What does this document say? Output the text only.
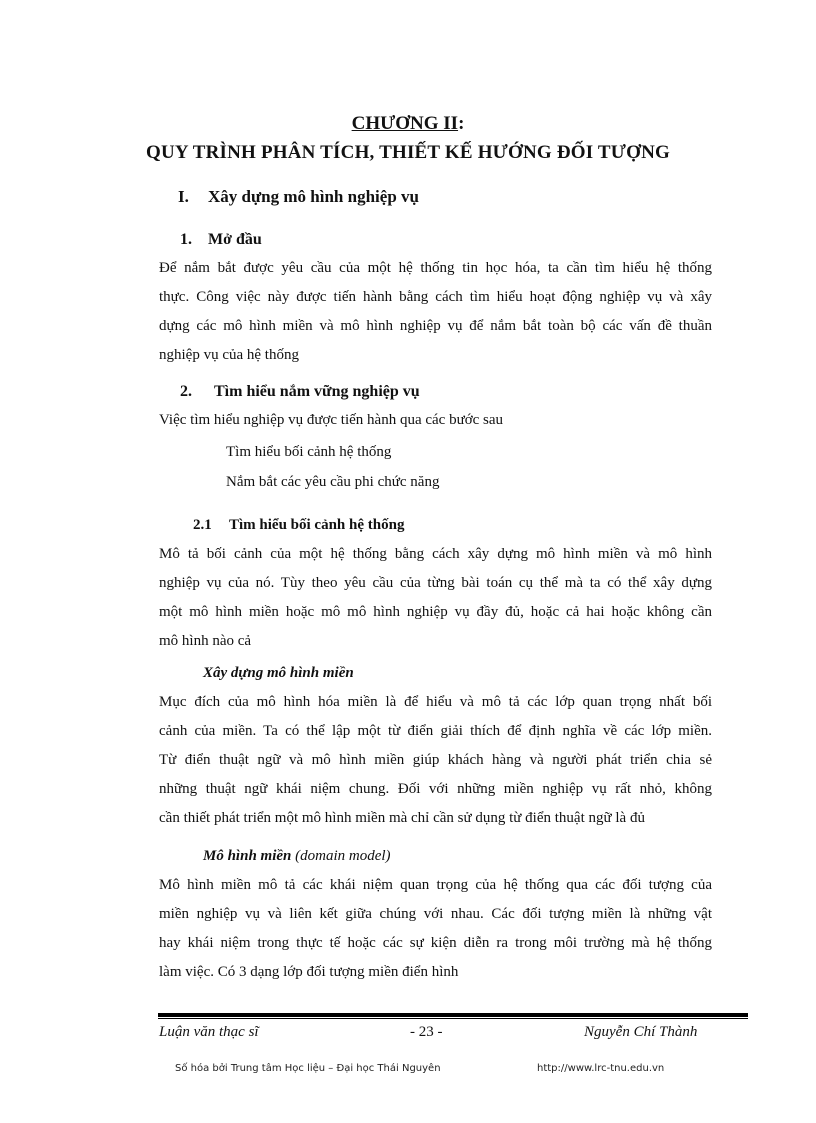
CHƯƠNG II:
QUY TRÌNH PHÂN TÍCH, THIẾT KẾ HƯỚNG ĐỐI TƯỢNG
I. Xây dựng mô hình nghiệp vụ
1. Mở đầu
Để nắm bắt được yêu cầu của một hệ thống tin học hóa, ta cần tìm hiểu hệ thống
thực. Công việc này được tiến hành bằng cách tìm hiểu hoạt động nghiệp vụ và xây
dựng các mô hình miền và mô hình nghiệp vụ để nắm bắt toàn bộ các vấn đề thuần
nghiệp vụ của hệ thống
2. Tìm hiểu nắm vững nghiệp vụ
Việc tìm hiểu nghiệp vụ được tiến hành qua các bước sau
Tìm hiểu bối cảnh hệ thống
Nắm bắt các yêu cầu phi chức năng
2.1 Tìm hiểu bối cảnh hệ thống
Mô tả bối cảnh của một hệ thống bằng cách xây dựng mô hình miền và mô hình
nghiệp vụ của nó. Tùy theo yêu cầu của từng bài toán cụ thể mà ta có thể xây dựng
một mô hình miền hoặc mô mô hình nghiệp vụ đầy đủ, hoặc cả hai hoặc không cần
mô hình nào cả
Xây dựng mô hình miền
Mục đích của mô hình hóa miền là để hiểu và mô tả các lớp quan trọng nhất bối
cảnh của miền. Ta có thể lập một từ điển giải thích để định nghĩa về các lớp miền.
Từ điển thuật ngữ và mô hình miền giúp khách hàng và người phát triển chia sẻ
những thuật ngữ khái niệm chung. Đối với những miền nghiệp vụ rất nhỏ, không
cần thiết phát triển một mô hình miền mà chỉ cần sử dụng từ điển thuật ngữ là đủ
Mô hình miền (domain model)
Mô hình miền mô tả các khái niệm quan trọng của hệ thống qua các đối tượng của
miền nghiệp vụ và liên kết giữa chúng với nhau. Các đối tượng miền là những vật
hay khái niệm trong thực tế hoặc các sự kiện diễn ra trong môi trường mà hệ thống
làm việc. Có 3 dạng lớp đối tượng miền điển hình
Luận văn thạc sĩ	- 23 -	Nguyễn Chí Thành
Số hóa bởi Trung tâm Học liệu – Đại học Thái Nguyên	http://www.lrc-tnu.edu.vn
